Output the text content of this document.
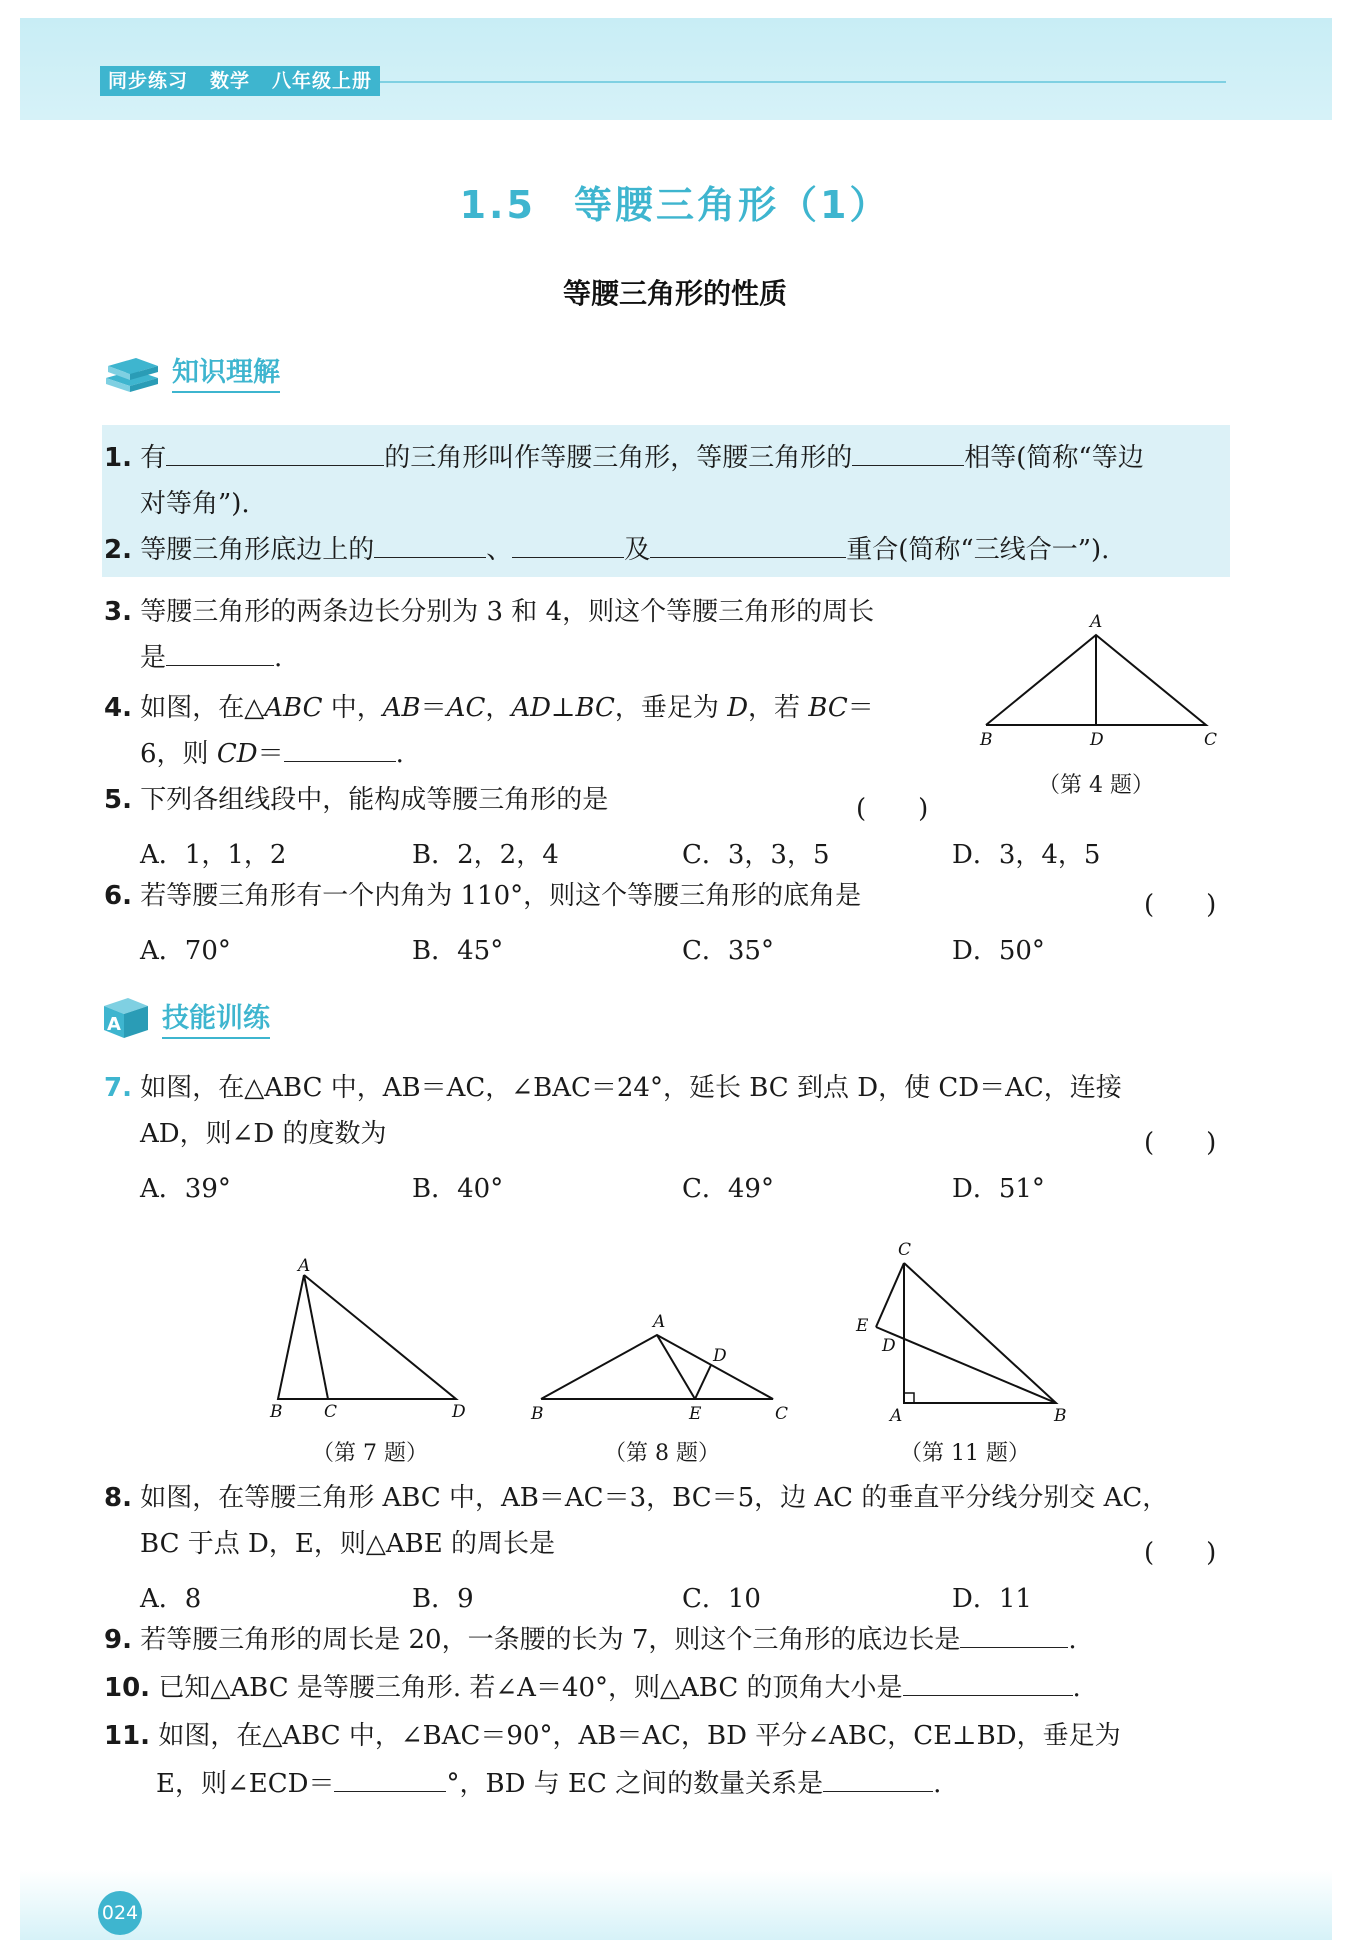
同步练习 数学 八年级上册
1.5 等腰三角形（1）
等腰三角形的性质
知识理解
1. 有	的三角形叫作等腰三角形，等腰三角形的	相等(简称“等边
对等角”).
2. 等腰三角形底边上的	、	及	重合(简称“三线合一”).
3. 等腰三角形的两条边长分别为 3 和 4，则这个等腰三角形的周长
是	.
4. 如图，在△ABC 中，AB＝AC，AD⊥BC，垂足为 D，若 BC＝
6，则 CD＝	.
A
B	D	C
（第 4 题）
5. 下列各组线段中，能构成等腰三角形的是	(　　)
A．1，1，2	B．2，2，4	C．3，3，5	D．3，4，5
6. 若等腰三角形有一个内角为 110°，则这个等腰三角形的底角是	(　　)
A．70°	B．45°	C．35°	D．50°
A 技能训练
7. 如图，在△ABC 中，AB＝AC，∠BAC＝24°，延长 BC 到点 D，使 CD＝AC，连接
AD，则∠D 的度数为	(　　)
A．39°	B．40°	C．49°	D．51°
A
B C	D
（第 7 题）
A
B	E	C
D
（第 8 题）
C
E
D
A	B
（第 11 题）
8. 如图，在等腰三角形 ABC 中，AB＝AC＝3，BC＝5，边 AC 的垂直平分线分别交 AC，
BC 于点 D，E，则△ABE 的周长是	(　　)
A．8	B．9	C．10	D．11
9. 若等腰三角形的周长是 20，一条腰的长为 7，则这个三角形的底边长是	.
10. 已知△ABC 是等腰三角形. 若∠A＝40°，则△ABC 的顶角大小是	.
11. 如图，在△ABC 中，∠BAC＝90°，AB＝AC，BD 平分∠ABC，CE⊥BD，垂足为
E，则∠ECD＝	°，BD 与 EC 之间的数量关系是	.
024
